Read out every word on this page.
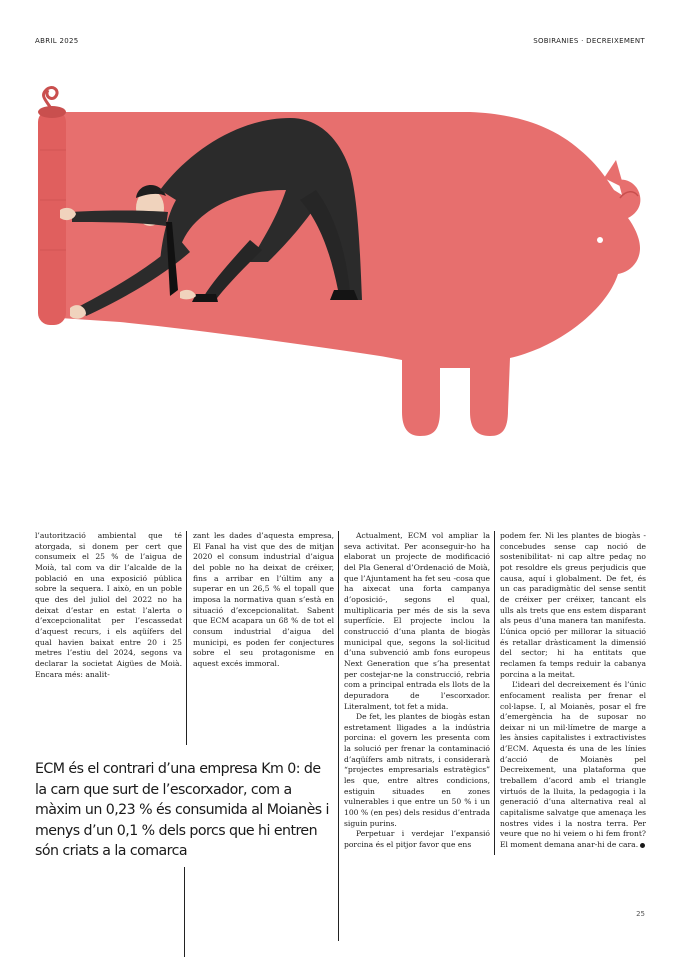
ABRIL 2025	SOBIRANIES · DECREIXEMENT

l’autorització ambiental que té atorgada, si donem per cert que consumeix el 25 % de l’aigua de Moià, tal com va dir l’alcalde de la població en una exposició pública sobre la sequera. I això, en un poble que des del juliol del 2022 no ha deixat d’estar en estat l’alerta o d’excepcionalitat per l’escassedat d’aquest recurs, i els aqüífers del qual havien baixat entre 20 i 25 metres l’estiu del 2024, segons va declarar la societat Aigües de Moià. Encara més: analit-

zant les dades d’aquesta empresa, El Fanal ha vist que des de mitjan 2020 el consum industrial d’aigua del poble no ha deixat de créixer, fins a arribar en l’últim any a superar en un 26,5 % el topall que imposa la normativa quan s’està en situació d’excepcionalitat. Sabent que ECM acapara un 68 % de tot el consum industrial d’aigua del municipi, es poden fer conjectures sobre el seu protagonisme en aquest excés immoral.

Actualment, ECM vol ampliar la seva activitat. Per aconseguir-ho ha elaborat un projecte de modificació del Pla General d’Ordenació de Moià, que l’Ajuntament ha fet seu -cosa que ha aixecat una forta campanya d’oposició-, segons el qual, multiplicaria per més de sis la seva superfície. El projecte inclou la construcció d’una planta de biogàs municipal que, segons la sol·licitud d’una subvenció amb fons europeus Next Generation que s’ha presentat per costejar-ne la construcció, rebria com a principal entrada els llots de la depuradora de l’escorxador. Literalment, tot fet a mida.

De fet, les plantes de biogàs estan estretament lligades a la indústria porcina: el govern les presenta com la solució per frenar la contaminació d’aqüífers amb nitrats, i considerarà “projectes empresarials estratègics” les que, entre altres condicions, estiguin situades en zones vulnerables i que entre un 50 % i un 100 % (en pes) dels residus d’entrada siguin purins.

Perpetuar i verdejar l’expansió porcina és el pitjor favor que ens

podem fer. Ni les plantes de biogàs -concebudes sense cap noció de sostenibilitat- ni cap altre pedaç no pot resoldre els greus perjudicis que causa, aquí i globalment. De fet, és un cas paradigmàtic del sense sentit de créixer per créixer, tancant els ulls als trets que ens estem disparant als peus d’una manera tan manifesta. L’única opció per millorar la situació és retallar dràsticament la dimensió del sector; hi ha entitats que reclamen fa temps reduir la cabanya porcina a la meitat.

L’ideari del decreixement és l’únic enfocament realista per frenar el col·lapse. I, al Moianès, posar el fre d’emergència ha de suposar no deixar ni un mil·límetre de marge a les ànsies capitalistes i extractivistes d’ECM. Aquesta és una de les línies d’acció de Moianès pel Decreixement, una plataforma que treballem d’acord amb el triangle virtuós de la lluita, la pedagogia i la generació d’una alternativa real al capitalisme salvatge que amenaça les nostres vides i la nostra terra. Per veure que no hi veiem o hi fem front? El moment demana anar-hi de cara.

ECM és el contrari d’una empresa Km 0: de la carn que surt de l’escorxador, com a màxim un 0,23 % és consumida al Moianès i menys d’un 0,1 % dels porcs que hi entren són criats a la comarca

25
